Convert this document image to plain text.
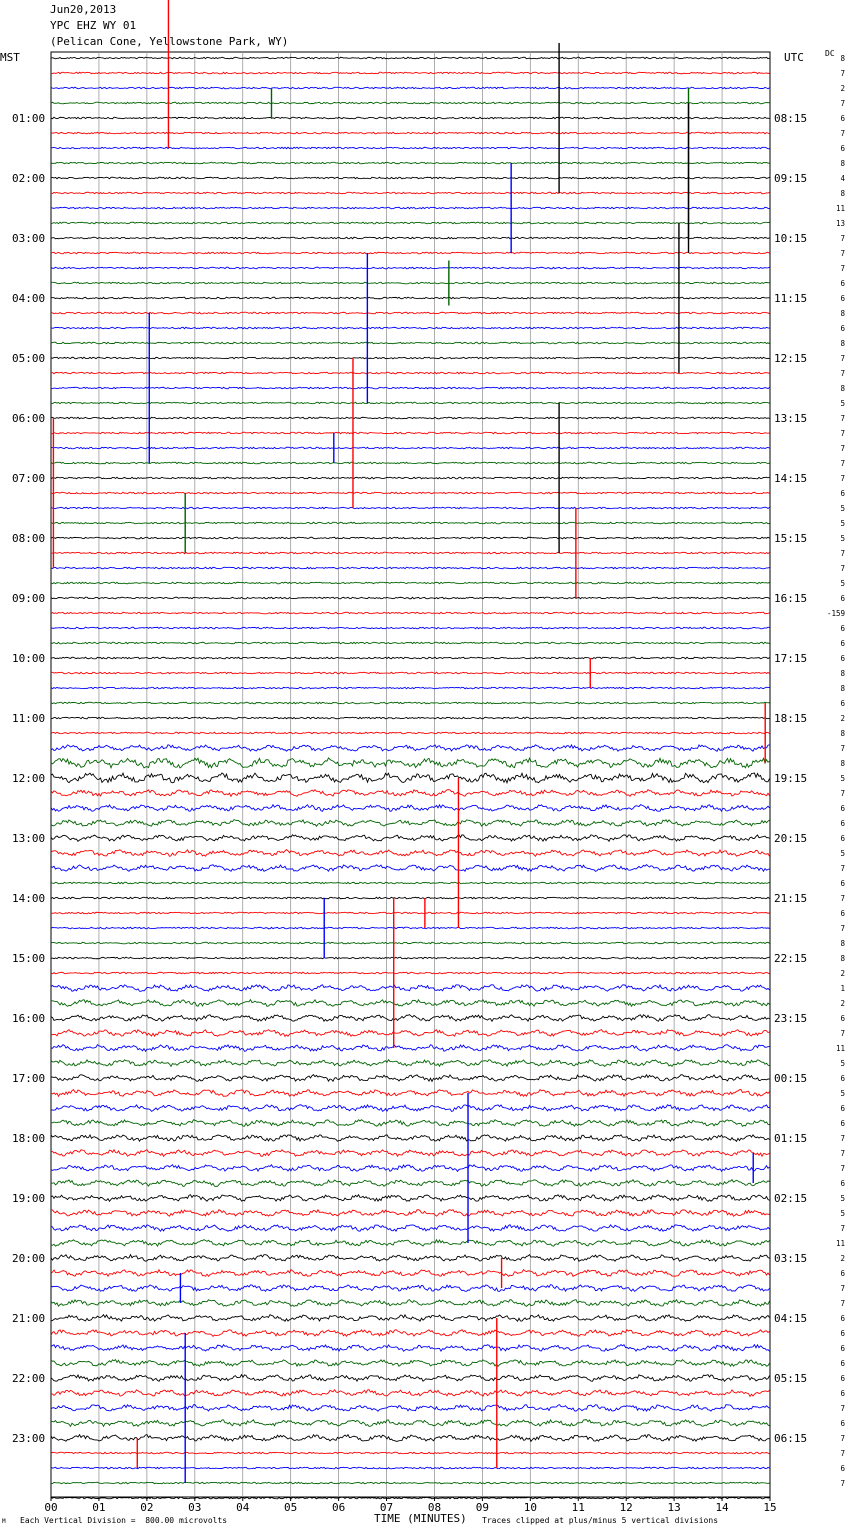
Jun20,2013
YPC EHZ WY 01
(Pelican Cone, Yellowstone Park, WY)
MST	UTC	DC
01:00
02:00
03:00
04:00
05:00
06:00
07:00
08:00
09:00
10:00
11:00
12:00
13:00
14:00
15:00
16:00
17:00
18:00
19:00
20:00
21:00
22:00
23:00
08:15
09:15
10:15
11:15
12:15
13:15
14:15
15:15
16:15
17:15
18:15
19:15
20:15
21:15
22:15
23:15
00:15
01:15
02:15
03:15
04:15
05:15
06:15
8
7
2
7
6
7
6
8
4
8
11
13
7
7
7
6
6
8
6
8
7
7
8
5
7
7
7
7
7
6
5
5
5
7
7
5
6
-159
6
6
6
8
8
6
2
8
7
8
5
7
6
6
6
5
7
6
7
6
7
8
8
2
1
2
6
7
11
5
6
5
6
6
7
7
7
6
5
5
7
11
2
6
7
7
6
6
6
6
6
6
7
6
7
7
6
7
00	01	02	03	04	05	06	07	08	09	10	11	12	13	14	15
TIME (MINUTES)
Each Vertical Division =  800.00 microvolts	Traces clipped at plus/minus 5 vertical divisions
M
